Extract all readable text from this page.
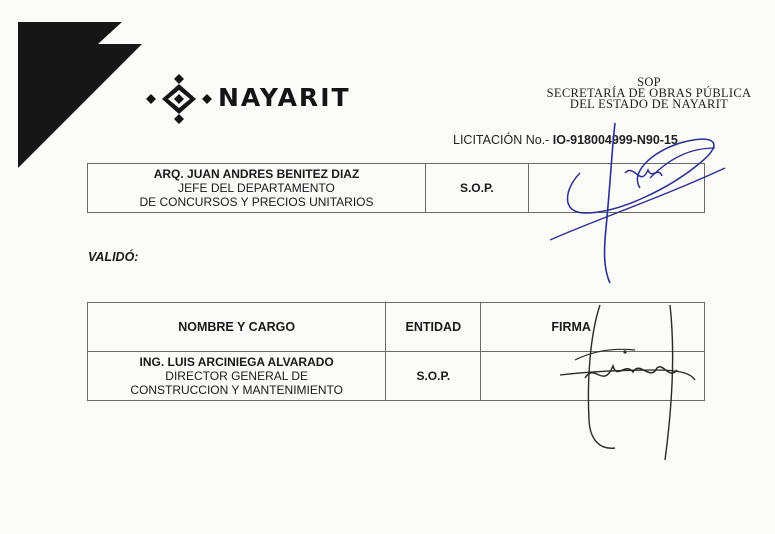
NAYARIT
SOP
SECRETARÍA DE OBRAS PÚBLICA
DEL ESTADO DE NAYARIT
LICITACIÓN No.- IO-918004999-N90-15
ARQ. JUAN ANDRES BENITEZ DIAZ
JEFE DEL DEPARTAMENTO
DE CONCURSOS Y PRECIOS UNITARIOS
	S.O.P.	
VALIDÓ:
NOMBRE Y CARGO	ENTIDAD	FIRMA

ING. LUIS ARCINIEGA ALVARADO
DIRECTOR GENERAL DE
CONSTRUCCION Y MANTENIMIENTO	S.O.P.	
